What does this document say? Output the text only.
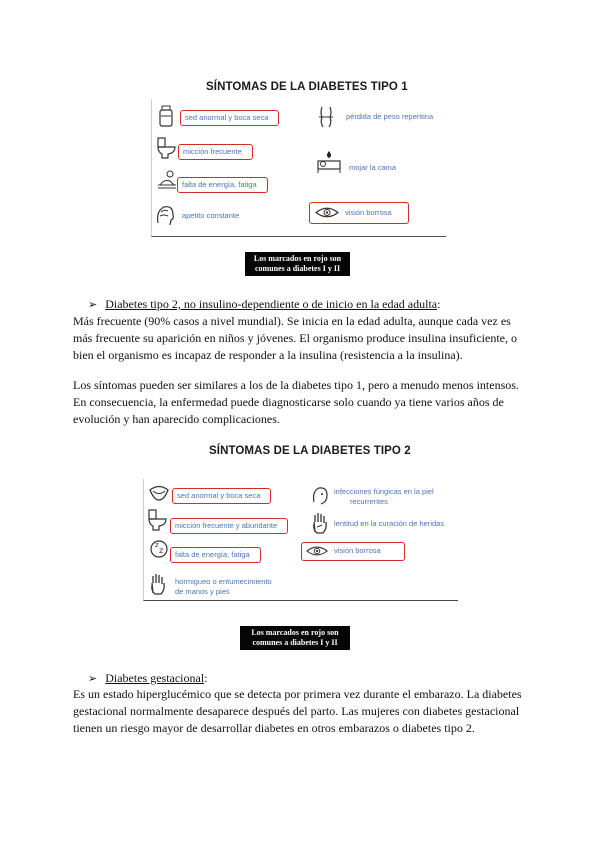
SÍNTOMAS DE LA DIABETES TIPO 1
sed anormal y boca seca
micción frecuente
falta de energía, fatiga
apetito constante
pérdida de peso repentina
mojar la cama
visión borrosa
Los marcados en rojo son
comunes a diabetes I y II
➢ Diabetes tipo 2, no insulino-dependiente o de inicio en la edad adulta:
Más frecuente (90% casos a nivel mundial). Se inicia en la edad adulta, aunque cada vez es
más frecuente su aparición en niños y jóvenes. El organismo produce insulina insuficiente, o
bien el organismo es incapaz de responder a la insulina (resistencia a la insulina).
Los síntomas pueden ser similares a los de la diabetes tipo 1, pero a menudo menos intensos.
En consecuencia, la enfermedad puede diagnosticarse solo cuando ya tiene varios años de
evolución y han aparecido complicaciones.
SÍNTOMAS DE LA DIABETES TIPO 2
sed anormal y boca seca
micción frecuente y abundante
z
z	falta de energía, fatiga
hormigueo o entumecimiento
de manos y pies
infecciones fúngicas en la piel
recurrentes
lentitud en la curación de heridas
visión borrosa
Los marcados en rojo son
comunes a diabetes I y II
➢ Diabetes gestacional:
Es un estado hiperglucémico que se detecta por primera vez durante el embarazo. La diabetes
gestacional normalmente desaparece después del parto. Las mujeres con diabetes gestacional
tienen un riesgo mayor de desarrollar diabetes en otros embarazos o diabetes tipo 2.
